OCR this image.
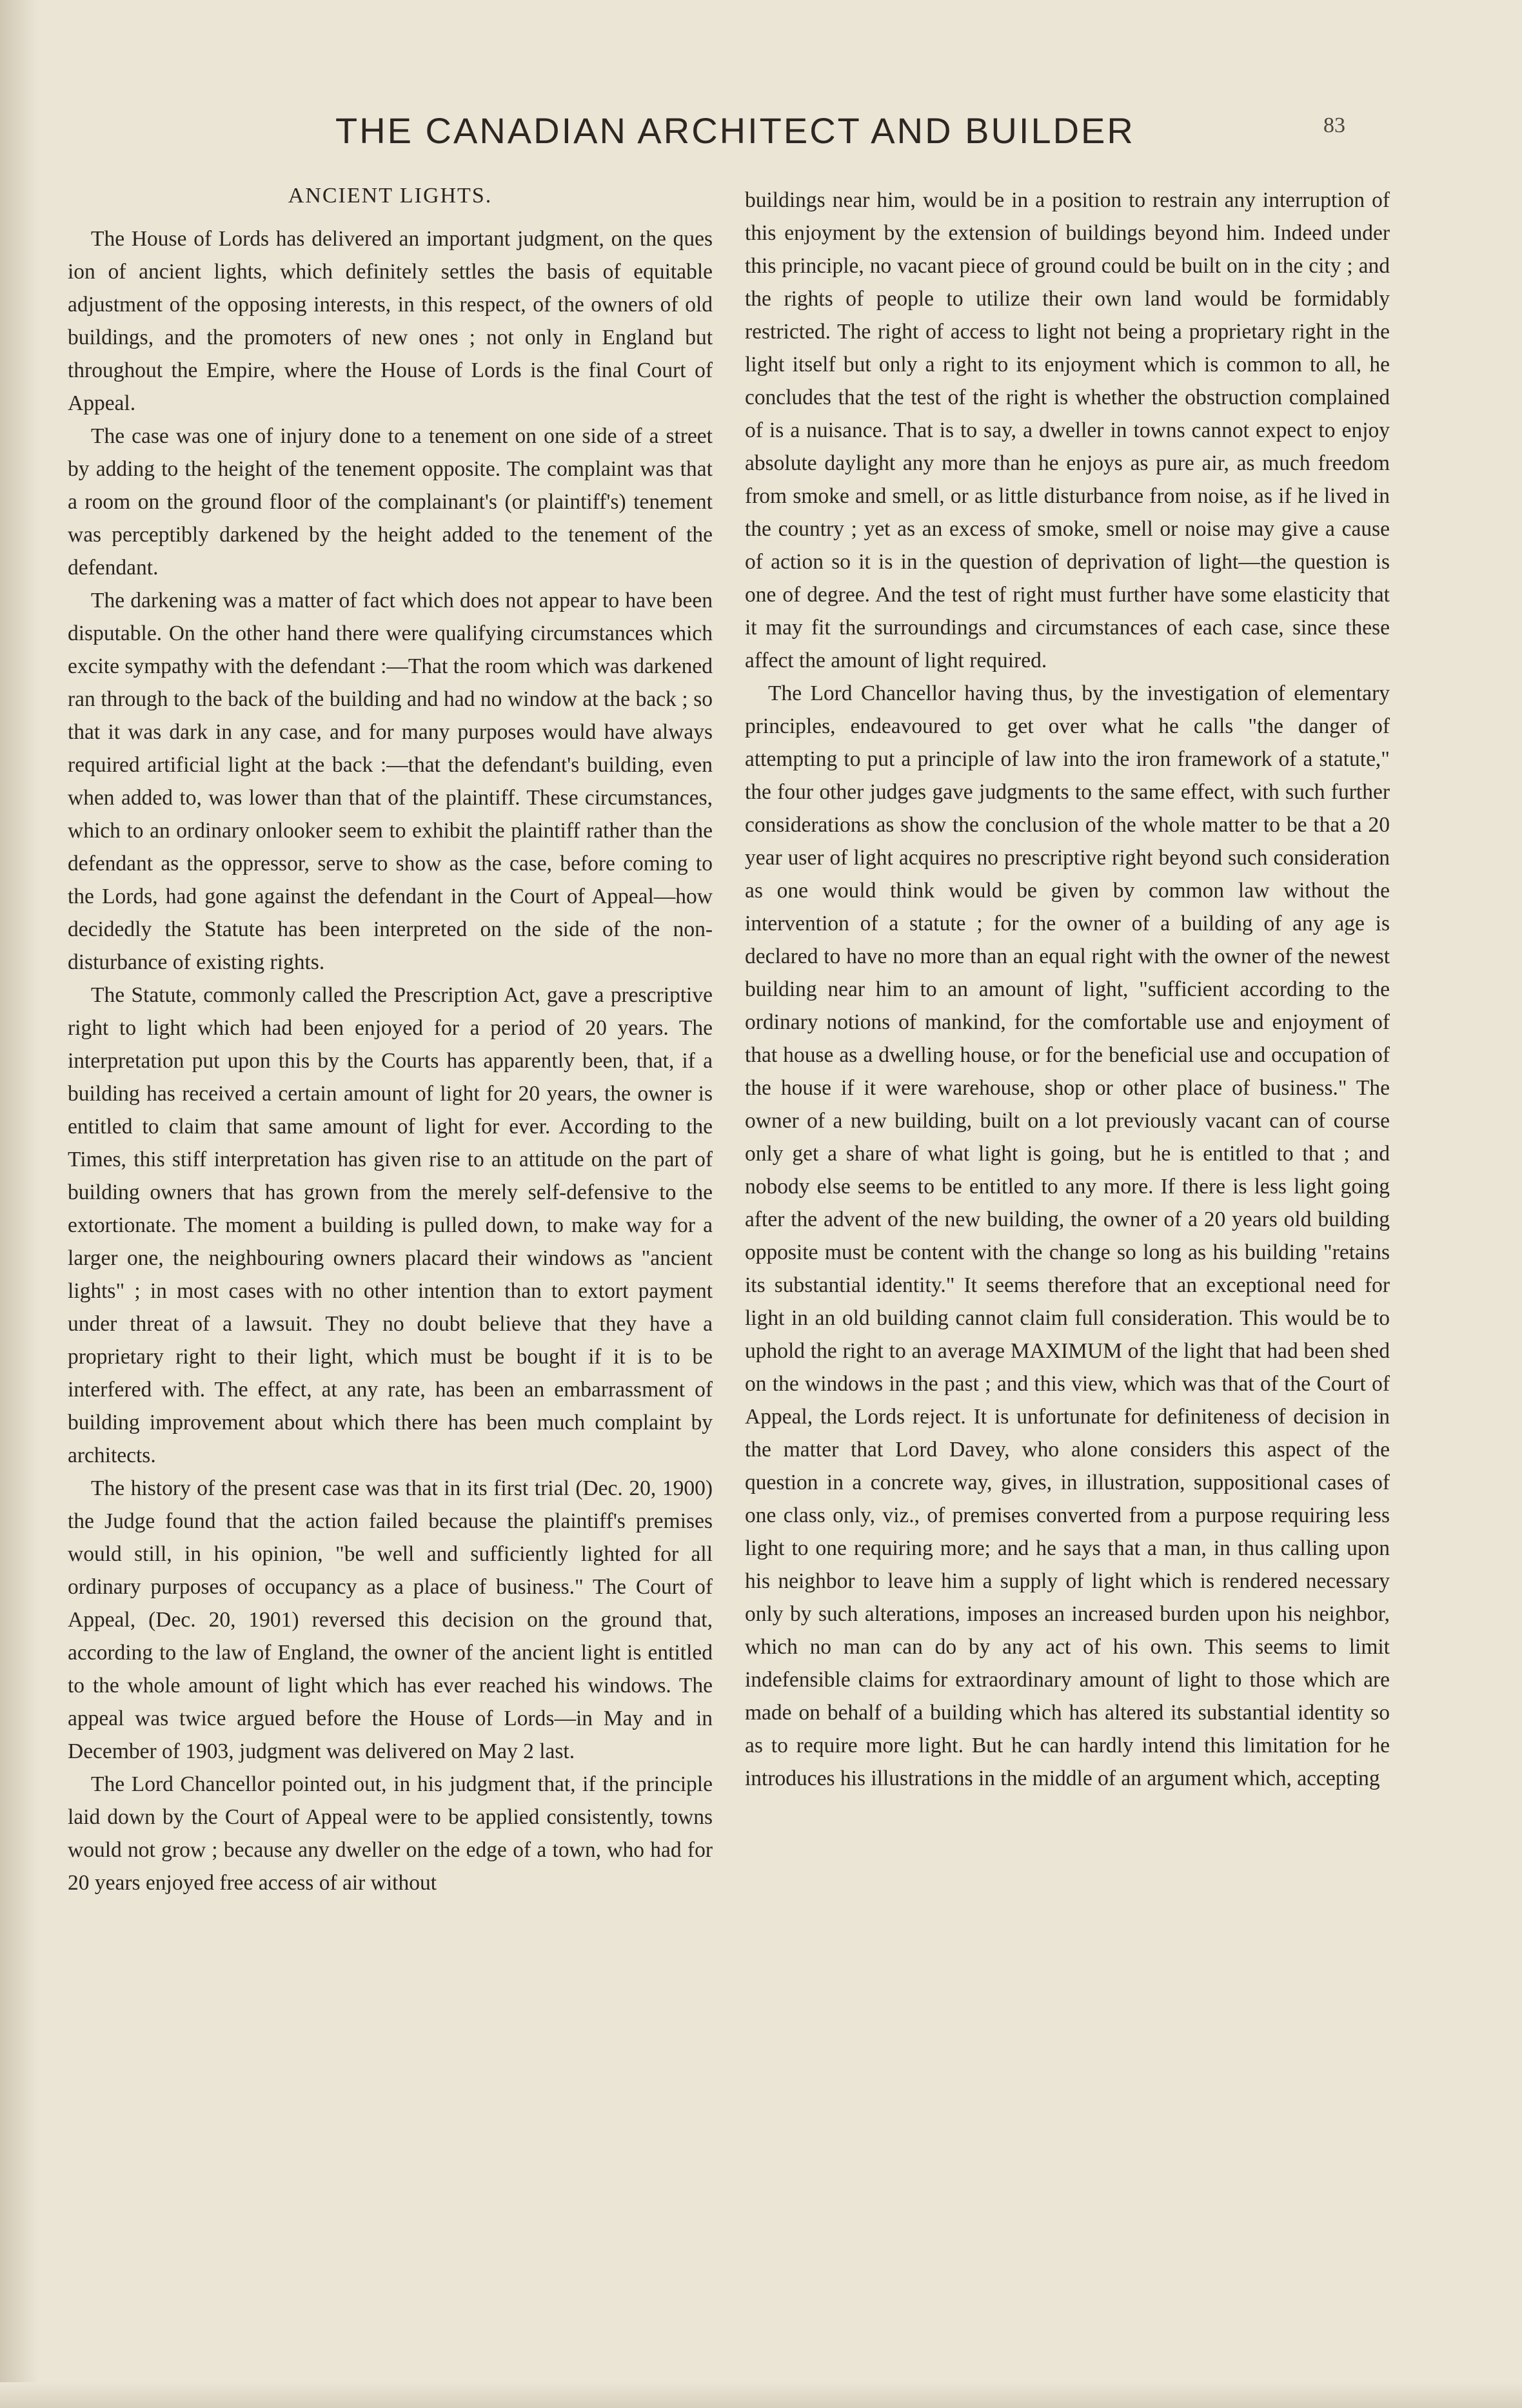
THE CANADIAN ARCHITECT AND BUILDER	83
ANCIENT LIGHTS.

The House of Lords has delivered an important judgment, on the ques ion of ancient lights, which definitely settles the basis of equitable adjustment of the opposing interests, in this respect, of the owners of old buildings, and the promoters of new ones ; not only in England but throughout the Empire, where the House of Lords is the final Court of Appeal.

The case was one of injury done to a tenement on one side of a street by adding to the height of the tenement opposite. The complaint was that a room on the ground floor of the complainant's (or plaintiff's) tenement was perceptibly darkened by the height added to the tenement of the defendant.

The darkening was a matter of fact which does not appear to have been disputable. On the other hand there were qualifying circumstances which excite sympathy with the defendant :—That the room which was darkened ran through to the back of the building and had no window at the back ; so that it was dark in any case, and for many purposes would have always required artificial light at the back :—that the defendant's building, even when added to, was lower than that of the plaintiff. These circumstances, which to an ordinary onlooker seem to exhibit the plaintiff rather than the defendant as the oppressor, serve to show as the case, before coming to the Lords, had gone against the defendant in the Court of Appeal—how decidedly the Statute has been interpreted on the side of the non-disturbance of existing rights.

The Statute, commonly called the Prescription Act, gave a prescriptive right to light which had been enjoyed for a period of 20 years. The interpretation put upon this by the Courts has apparently been, that, if a building has received a certain amount of light for 20 years, the owner is entitled to claim that same amount of light for ever. According to the Times, this stiff interpretation has given rise to an attitude on the part of building owners that has grown from the merely self-defensive to the extortionate. The moment a building is pulled down, to make way for a larger one, the neighbouring owners placard their windows as "ancient lights" ; in most cases with no other intention than to extort payment under threat of a lawsuit. They no doubt believe that they have a proprietary right to their light, which must be bought if it is to be interfered with. The effect, at any rate, has been an embarrassment of building improvement about which there has been much complaint by architects.

The history of the present case was that in its first trial (Dec. 20, 1900) the Judge found that the action failed because the plaintiff's premises would still, in his opinion, "be well and sufficiently lighted for all ordinary purposes of occupancy as a place of business." The Court of Appeal, (Dec. 20, 1901) reversed this decision on the ground that, according to the law of England, the owner of the ancient light is entitled to the whole amount of light which has ever reached his windows. The appeal was twice argued before the House of Lords—in May and in December of 1903, judgment was delivered on May 2 last.

The Lord Chancellor pointed out, in his judgment that, if the principle laid down by the Court of Appeal were to be applied consistently, towns would not grow ; because any dweller on the edge of a town, who had for 20 years enjoyed free access of air without

buildings near him, would be in a position to restrain any interruption of this enjoyment by the extension of buildings beyond him. Indeed under this principle, no vacant piece of ground could be built on in the city ; and the rights of people to utilize their own land would be formidably restricted. The right of access to light not being a proprietary right in the light itself but only a right to its enjoyment which is common to all, he concludes that the test of the right is whether the obstruction complained of is a nuisance. That is to say, a dweller in towns cannot expect to enjoy absolute daylight any more than he enjoys as pure air, as much freedom from smoke and smell, or as little disturbance from noise, as if he lived in the country ; yet as an excess of smoke, smell or noise may give a cause of action so it is in the question of deprivation of light—the question is one of degree. And the test of right must further have some elasticity that it may fit the surroundings and circumstances of each case, since these affect the amount of light required.

The Lord Chancellor having thus, by the investigation of elementary principles, endeavoured to get over what he calls "the danger of attempting to put a principle of law into the iron framework of a statute," the four other judges gave judgments to the same effect, with such further considerations as show the conclusion of the whole matter to be that a 20 year user of light acquires no prescriptive right beyond such consideration as one would think would be given by common law without the intervention of a statute ; for the owner of a building of any age is declared to have no more than an equal right with the owner of the newest building near him to an amount of light, "sufficient according to the ordinary notions of mankind, for the comfortable use and enjoyment of that house as a dwelling house, or for the beneficial use and occupation of the house if it were warehouse, shop or other place of business." The owner of a new building, built on a lot previously vacant can of course only get a share of what light is going, but he is entitled to that ; and nobody else seems to be entitled to any more. If there is less light going after the advent of the new building, the owner of a 20 years old building opposite must be content with the change so long as his building "retains its substantial identity." It seems therefore that an exceptional need for light in an old building cannot claim full consideration. This would be to uphold the right to an average MAXIMUM of the light that had been shed on the windows in the past ; and this view, which was that of the Court of Appeal, the Lords reject. It is unfortunate for definiteness of decision in the matter that Lord Davey, who alone considers this aspect of the question in a concrete way, gives, in illustration, suppositional cases of one class only, viz., of premises converted from a purpose requiring less light to one requiring more; and he says that a man, in thus calling upon his neighbor to leave him a supply of light which is rendered necessary only by such alterations, imposes an increased burden upon his neighbor, which no man can do by any act of his own. This seems to limit indefensible claims for extraordinary amount of light to those which are made on behalf of a building which has altered its substantial identity so as to require more light. But he can hardly intend this limitation for he introduces his illustrations in the middle of an argument which, accepting
